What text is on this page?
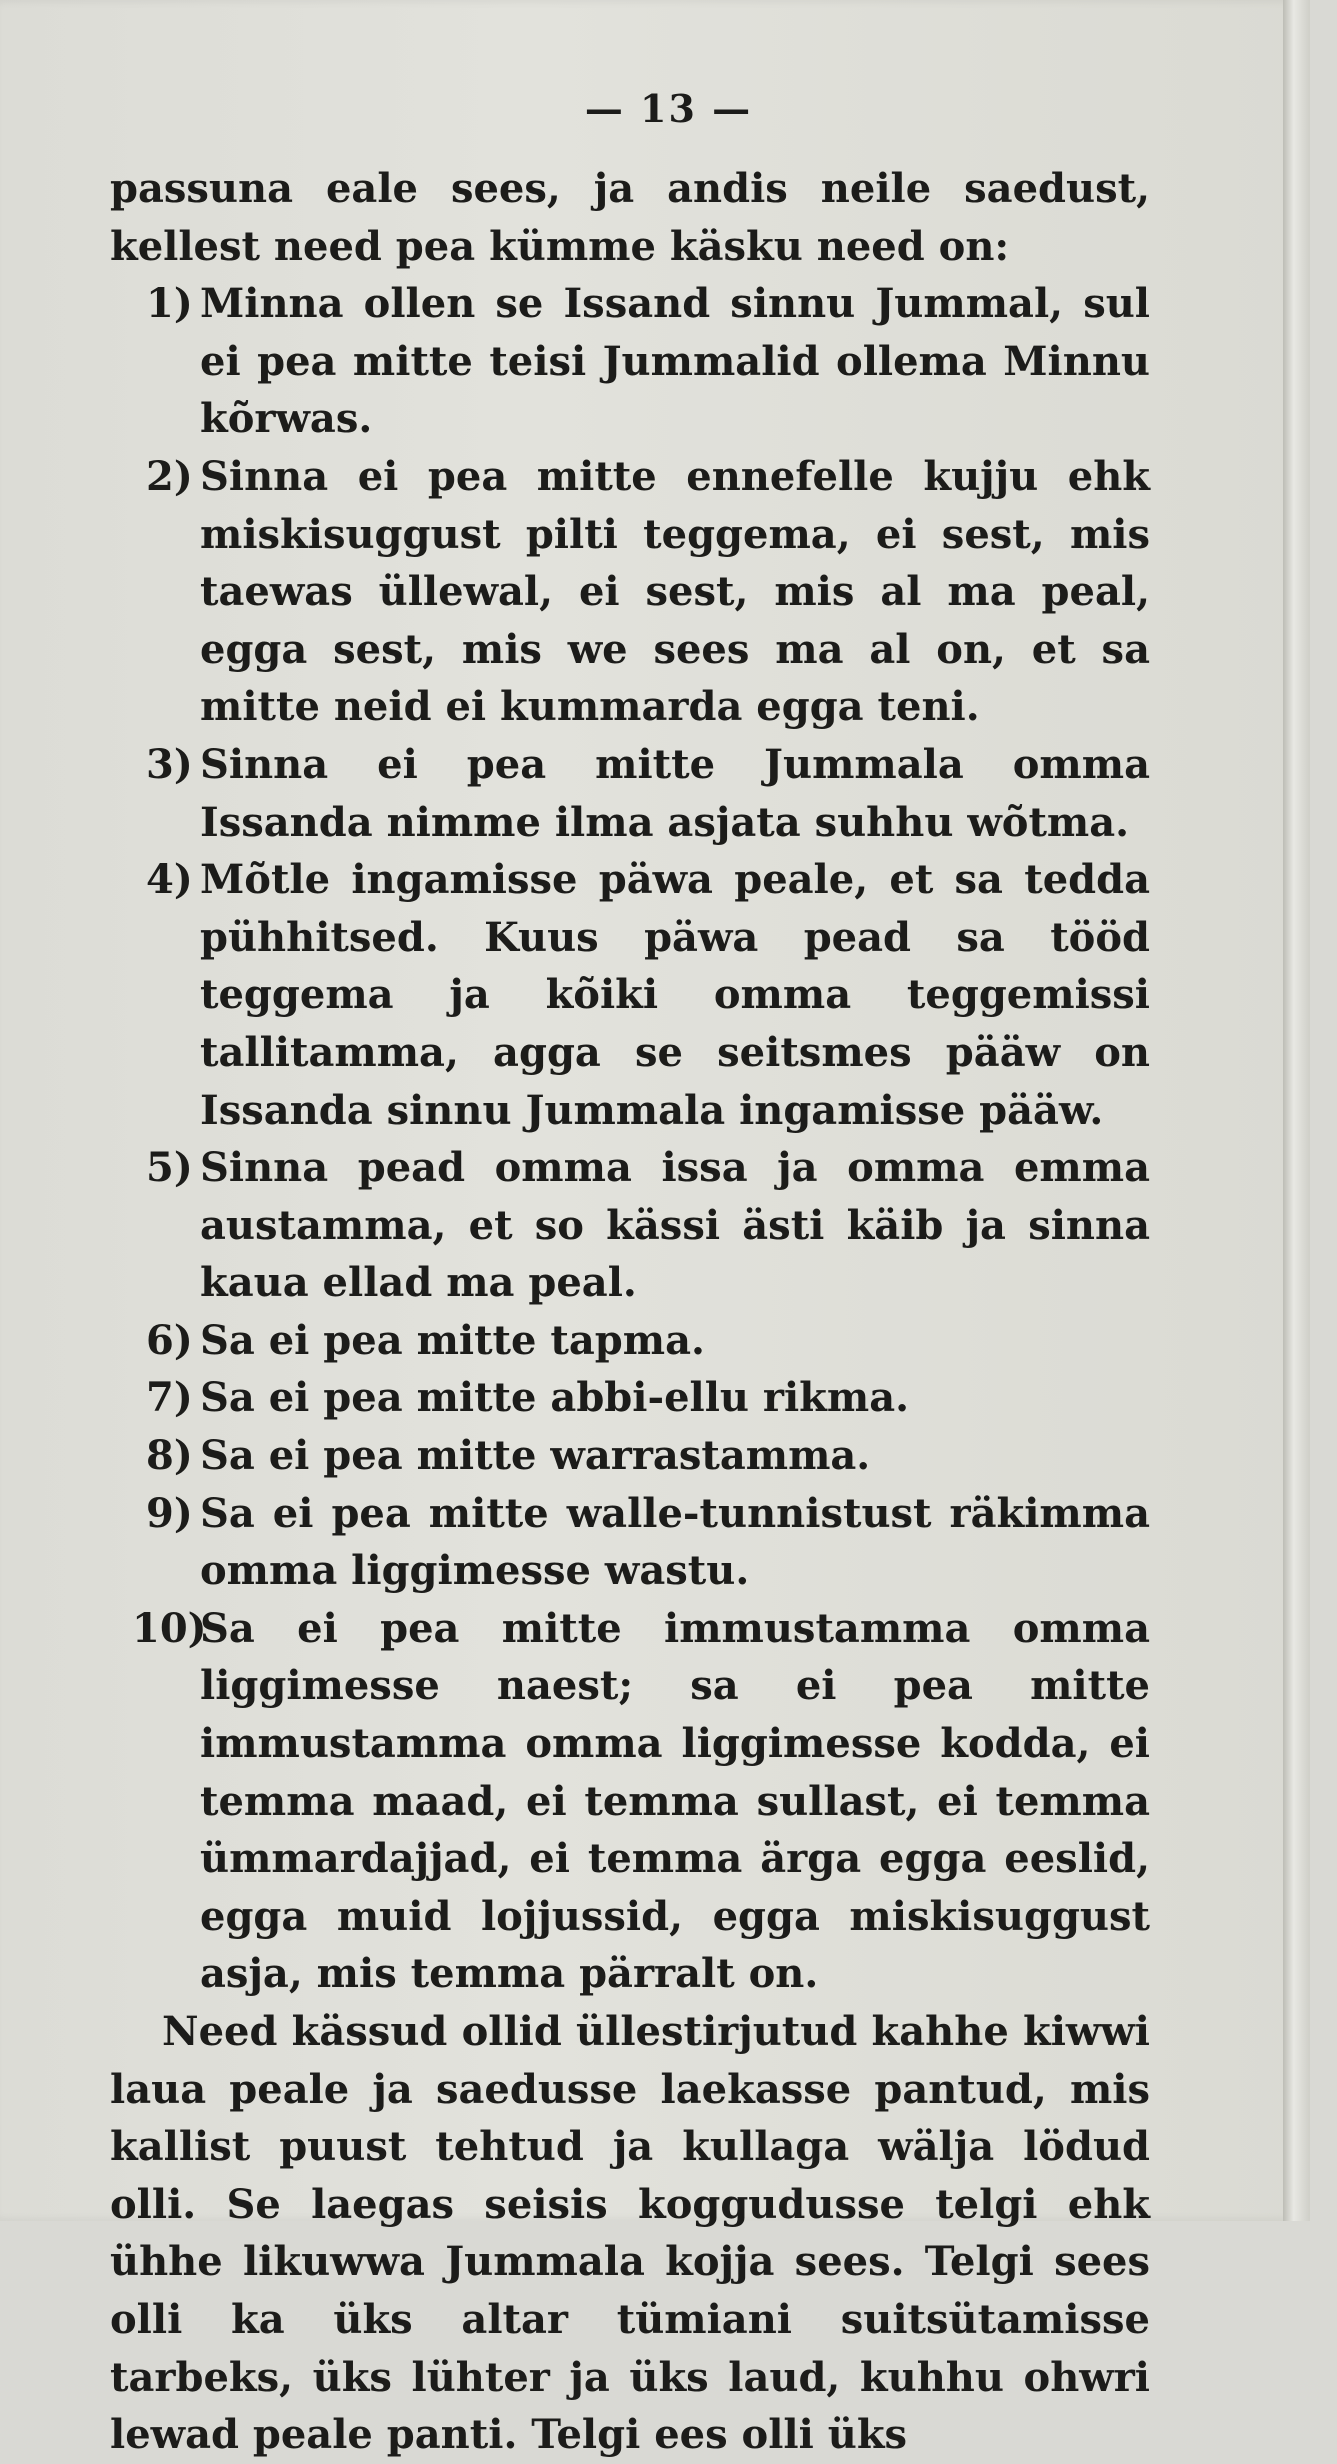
— 13 —

passuna eale sees, ja andis neile saedust, kellest need pea kümme käsku need on:

1) Minna ollen se Issand sinnu Jummal, sul ei pea mitte teisi Jummalid ollema Minnu kõrwas.

2) Sinna ei pea mitte ennefelle kujju ehk miskisuggust pilti teggema, ei sest, mis taewas üllewal, ei sest, mis al ma peal, egga sest, mis we sees ma al on, et sa mitte neid ei kummarda egga teni.

3) Sinna ei pea mitte Jummala omma Issanda nimme ilma asjata suhhu wõtma.

4) Mõtle ingamisse päwa peale, et sa tedda pühhitsed. Kuus päwa pead sa tööd teggema ja kõiki omma teggemissi tallitamma, agga se seitsmes pääw on Issanda sinnu Jummala ingamisse pääw.

5) Sinna pead omma issa ja omma emma austamma, et so kässi ästi käib ja sinna kaua ellad ma peal.

6) Sa ei pea mitte tapma.

7) Sa ei pea mitte abbi-ellu rikma.

8) Sa ei pea mitte warrastamma.

9) Sa ei pea mitte walle-tunnistust räkimma omma liggimesse wastu.

10)
Sa ei pea mitte immustamma omma liggimesse naest; sa ei pea mitte immustamma omma liggimesse kodda, ei temma maad, ei temma sullast, ei temma ümmardajjad, ei temma ärga egga eeslid, egga muid lojjussid, egga miskisuggust asja, mis temma pärralt on.

Need kässud ollid üllestirjutud kahhe kiwwi laua peale ja saedusse laekasse pantud, mis kallist puust tehtud ja kullaga wälja lödud olli. Se laegas seisis koggudusse telgi ehk ühhe likuwwa Jummala kojja sees. Telgi sees olli ka üks altar tümiani suitsütamisse tarbeks, üks lühter ja üks laud, kuhhu ohwri lewad peale panti. Telgi ees olli üks
